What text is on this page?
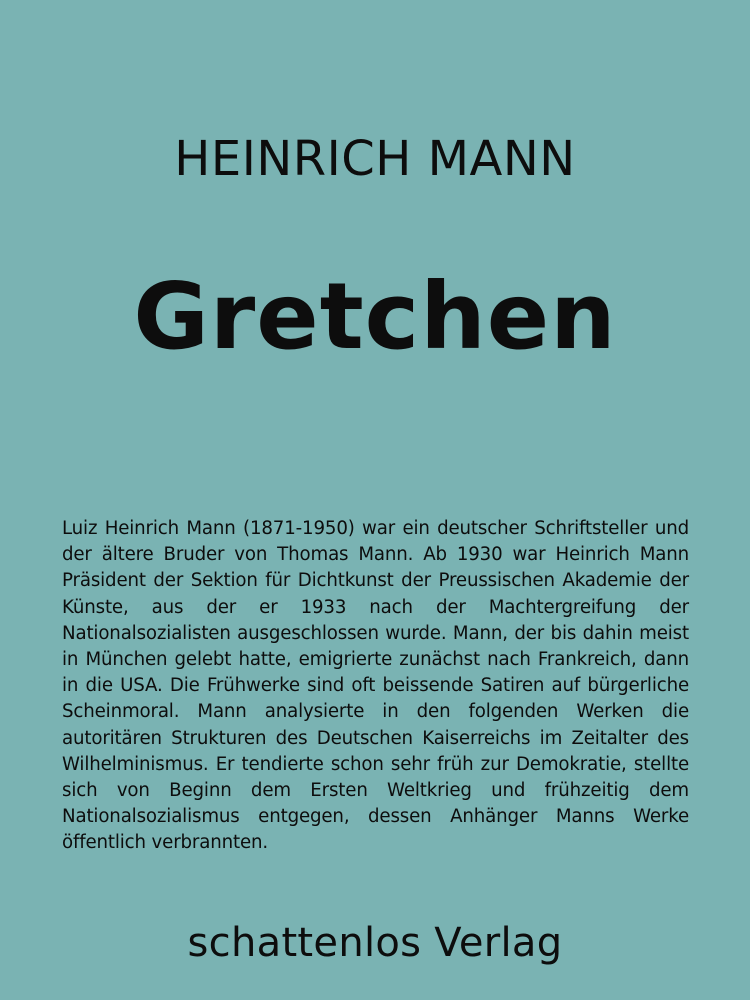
HEINRICH MANN
Gretchen
Luiz Heinrich Mann (1871-1950) war ein deutscher Schriftsteller und der ältere Bruder von Thomas Mann. Ab 1930 war Heinrich Mann Präsident der Sektion für Dichtkunst der Preussischen Akademie der Künste, aus der er 1933 nach der Machtergreifung der Nationalsozialisten ausgeschlossen wurde. Mann, der bis dahin meist in München gelebt hatte, emigrierte zunächst nach Frankreich, dann in die USA. Die Frühwerke sind oft beissende Satiren auf bürgerliche Scheinmoral. Mann analysierte in den folgenden Werken die autoritären Strukturen des Deutschen Kaiserreichs im Zeitalter des Wilhelminismus. Er tendierte schon sehr früh zur Demokratie, stellte sich von Beginn dem Ersten Weltkrieg und frühzeitig dem Nationalsozialismus entgegen, dessen Anhänger Manns Werke öffentlich verbrannten.
schattenlos Verlag
